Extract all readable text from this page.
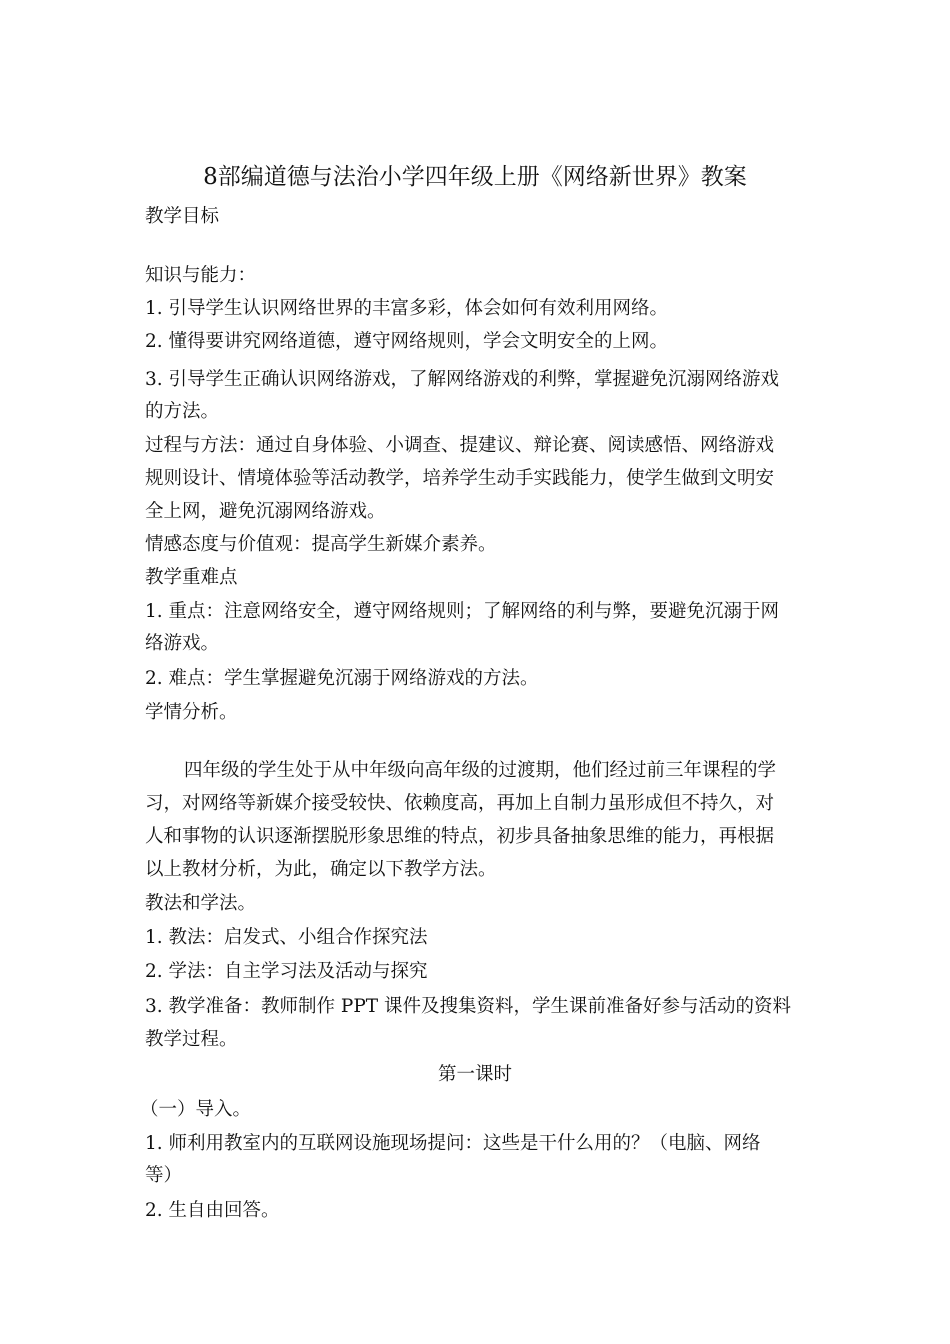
8部编道德与法治小学四年级上册《网络新世界》教案
教学目标
知识与能力：
1. 引导学生认识网络世界的丰富多彩，体会如何有效利用网络。
2. 懂得要讲究网络道德，遵守网络规则，学会文明安全的上网。
3. 引导学生正确认识网络游戏，了解网络游戏的利弊，掌握避免沉溺网络游戏
的方法。
过程与方法：通过自身体验、小调查、提建议、辩论赛、阅读感悟、网络游戏
规则设计、情境体验等活动教学，培养学生动手实践能力，使学生做到文明安
全上网，避免沉溺网络游戏。
情感态度与价值观：提高学生新媒介素养。
教学重难点
1. 重点：注意网络安全，遵守网络规则；了解网络的利与弊，要避免沉溺于网
络游戏。
2. 难点：学生掌握避免沉溺于网络游戏的方法。
学情分析。
四年级的学生处于从中年级向高年级的过渡期，他们经过前三年课程的学
习，对网络等新媒介接受较快、依赖度高，再加上自制力虽形成但不持久，对
人和事物的认识逐渐摆脱形象思维的特点，初步具备抽象思维的能力，再根据
以上教材分析，为此，确定以下教学方法。
教法和学法。
1. 教法：启发式、小组合作探究法
2. 学法：自主学习法及活动与探究
3. 教学准备：教师制作 PPT 课件及搜集资料，学生课前准备好参与活动的资料
教学过程。
第一课时
（一）导入。
1. 师利用教室内的互联网设施现场提问：这些是干什么用的？（电脑、网络
等）
2. 生自由回答。
